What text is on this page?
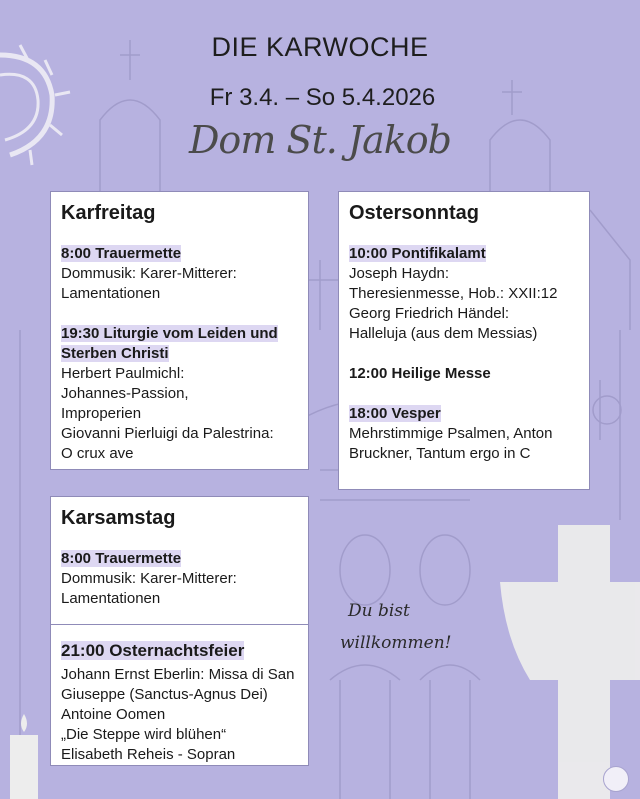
DIE KARWOCHE
Fr 3.4. – So 5.4.2026
Dom St. Jakob
Karfreitag
8:00 Trauermette
Dommusik: Karer-Mitterer:
Lamentationen
19:30 Liturgie vom Leiden und Sterben Christi
Herbert Paulmichl:
Johannes-Passion,
Improperien
Giovanni Pierluigi da Palestrina:
O crux ave
Ostersonntag
10:00 Pontifikalamt
Joseph Haydn:
Theresienmesse, Hob.: XXII:12
Georg Friedrich Händel:
Halleluja (aus dem Messias)
12:00 Heilige Messe
18:00 Vesper
Mehrstimmige Psalmen, Anton
Bruckner, Tantum ergo in C
Karsamstag
8:00 Trauermette
Dommusik: Karer-Mitterer:
Lamentationen
21:00 Osternachtsfeier
Johann Ernst Eberlin: Missa di San
Giuseppe (Sanctus-Agnus Dei)
Antoine Oomen
„Die Steppe wird blühen“
Elisabeth Reheis - Sopran
Du bist
willkommen!
